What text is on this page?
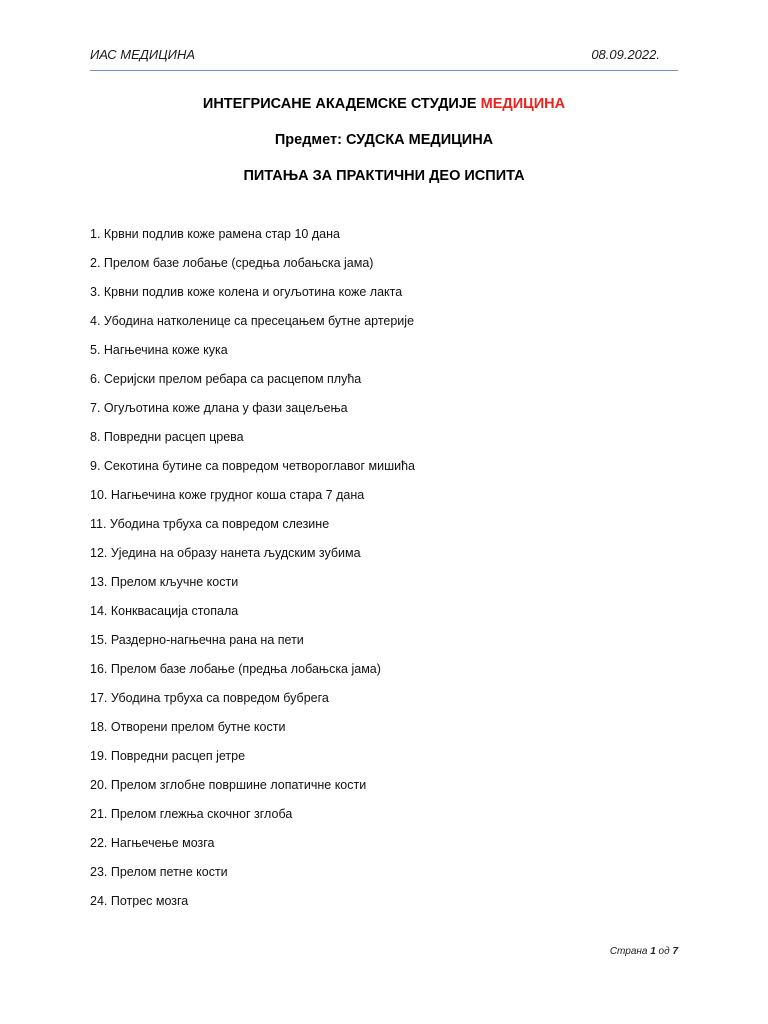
ИАС МЕДИЦИНА	08.09.2022.
ИНТЕГРИСАНЕ АКАДЕМСКЕ СТУДИЈЕ МЕДИЦИНА
Предмет: СУДСКА МЕДИЦИНА
ПИТАЊА ЗА ПРАКТИЧНИ ДЕО ИСПИТА
1. Крвни подлив коже рамена стар 10 дана
2. Прелом базе лобање (средња лобањска јама)
3. Крвни подлив коже колена и огуљотина коже лакта
4. Убодина натколенице са пресецањем бутне артерије
5. Нагњечина коже кука
6. Серијски прелом ребара са расцепом плућа
7. Огуљотина коже длана у фази зацељења
8. Повредни расцеп црева
9. Секотина бутине са повредом четвороглавог мишића
10. Нагњечина коже грудног коша стара 7 дана
11. Убодина трбуха са повредом слезине
12. Уједина на образу нанета људским зубима
13. Прелом кључне кости
14. Конквасација стопала
15. Раздерно-нагњечна рана на пети
16. Прелом базе лобање (предња лобањска јама)
17. Убодина трбуха са повредом бубрега
18. Отворени прелом бутне кости
19. Повредни расцеп јетре
20. Прелом зглобне површине лопатичне кости
21. Прелом глежња скочног зглоба
22. Нагњечење мозга
23. Прелом петне кости
24. Потрес мозга
Страна 1 од 7
